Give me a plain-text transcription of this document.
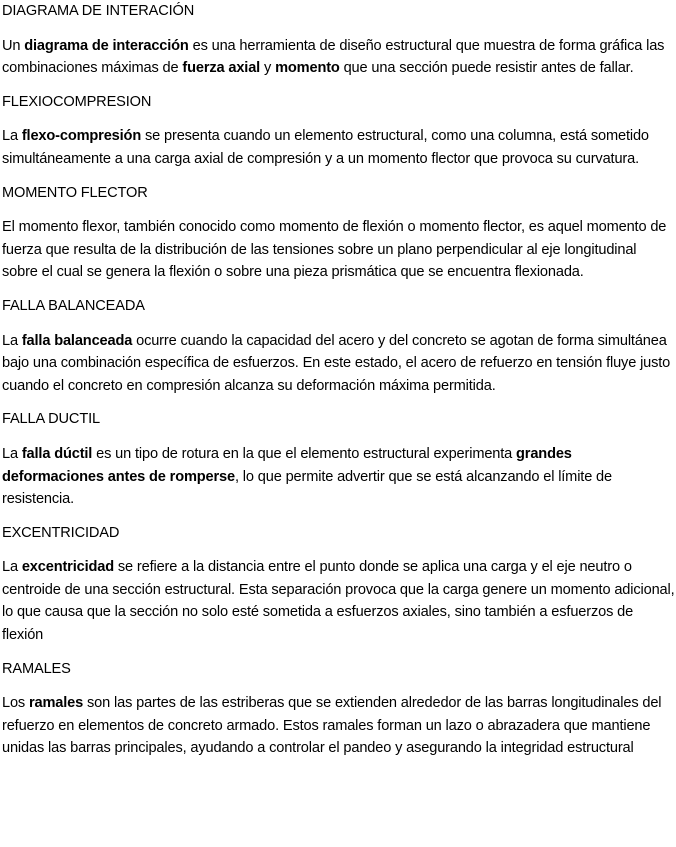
DIAGRAMA DE INTERACIÓN

Un diagrama de interacción es una herramienta de diseño estructural que muestra de forma gráfica las combinaciones máximas de fuerza axial y momento que una sección puede resistir antes de fallar.

FLEXIOCOMPRESION

La flexo-compresión se presenta cuando un elemento estructural, como una columna, está sometido simultáneamente a una carga axial de compresión y a un momento flector que provoca su curvatura.

MOMENTO FLECTOR

El momento flexor, también conocido como momento de flexión o momento flector, es aquel momento de fuerza que resulta de la distribución de las tensiones sobre un plano perpendicular al eje longitudinal sobre el cual se genera la flexión o sobre una pieza prismática que se encuentra flexionada.

FALLA BALANCEADA

La falla balanceada ocurre cuando la capacidad del acero y del concreto se agotan de forma simultánea bajo una combinación específica de esfuerzos. En este estado, el acero de refuerzo en tensión fluye justo cuando el concreto en compresión alcanza su deformación máxima permitida.

FALLA DUCTIL

La falla dúctil es un tipo de rotura en la que el elemento estructural experimenta grandes deformaciones antes de romperse, lo que permite advertir que se está alcanzando el límite de resistencia.

EXCENTRICIDAD

La excentricidad se refiere a la distancia entre el punto donde se aplica una carga y el eje neutro o centroide de una sección estructural. Esta separación provoca que la carga genere un momento adicional, lo que causa que la sección no solo esté sometida a esfuerzos axiales, sino también a esfuerzos de flexión

RAMALES

Los ramales son las partes de las estriberas que se extienden alrededor de las barras longitudinales del refuerzo en elementos de concreto armado. Estos ramales forman un lazo o abrazadera que mantiene unidas las barras principales, ayudando a controlar el pandeo y asegurando la integridad estructural
